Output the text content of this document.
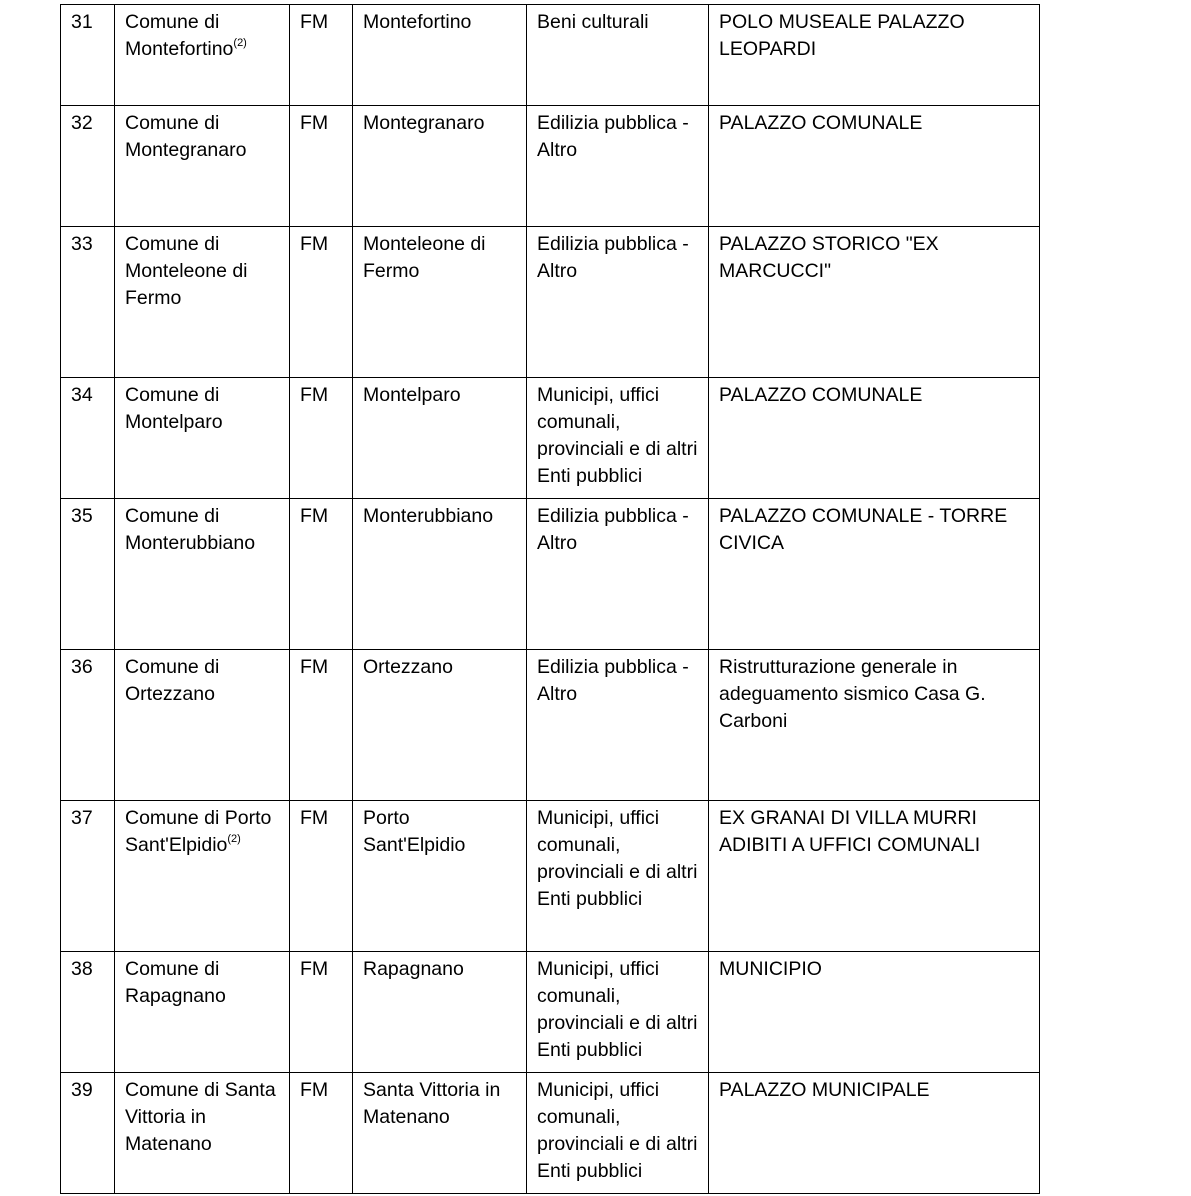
31	Comune di Montefortino$^{(2)}$	FM	Montefortino	Beni culturali	POLO MUSEALE PALAZZO LEOPARDI
32	Comune di Montegranaro	FM	Montegranaro	Edilizia pubblica - Altro	PALAZZO COMUNALE
33	Comune di Monteleone di Fermo	FM	Monteleone di Fermo	Edilizia pubblica - Altro	PALAZZO STORICO "EX MARCUCCI"
34	Comune di Montelparo	FM	Montelparo	Municipi, uffici comunali, provinciali e di altri Enti pubblici	PALAZZO COMUNALE
35	Comune di Monterubbiano	FM	Monterubbiano	Edilizia pubblica - Altro	PALAZZO COMUNALE - TORRE CIVICA
36	Comune di Ortezzano	FM	Ortezzano	Edilizia pubblica - Altro	Ristrutturazione generale in adeguamento sismico Casa G. Carboni
37	Comune di Porto Sant'Elpidio$^{(2)}$	FM	Porto Sant'Elpidio	Municipi, uffici comunali, provinciali e di altri Enti pubblici	EX GRANAI DI VILLA MURRI ADIBITI A UFFICI COMUNALI
38	Comune di Rapagnano	FM	Rapagnano	Municipi, uffici comunali, provinciali e di altri Enti pubblici	MUNICIPIO
39	Comune di Santa Vittoria in Matenano	FM	Santa Vittoria in Matenano	Municipi, uffici comunali, provinciali e di altri Enti pubblici	PALAZZO MUNICIPALE
